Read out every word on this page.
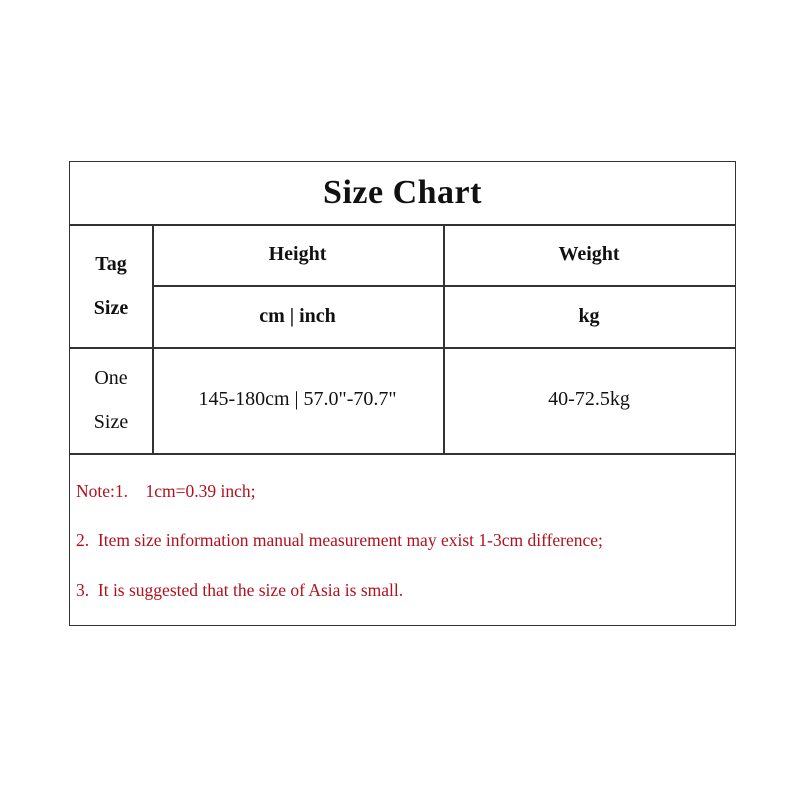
Size Chart
Tag
Size
Height
cm | inch
Weight
kg
One
Size
145-180cm | 57.0"-70.7"	40-72.5kg
Note:1.    1cm=0.39 inch;
2.  Item size information manual measurement may exist 1-3cm difference;
3.  It is suggested that the size of Asia is small.
